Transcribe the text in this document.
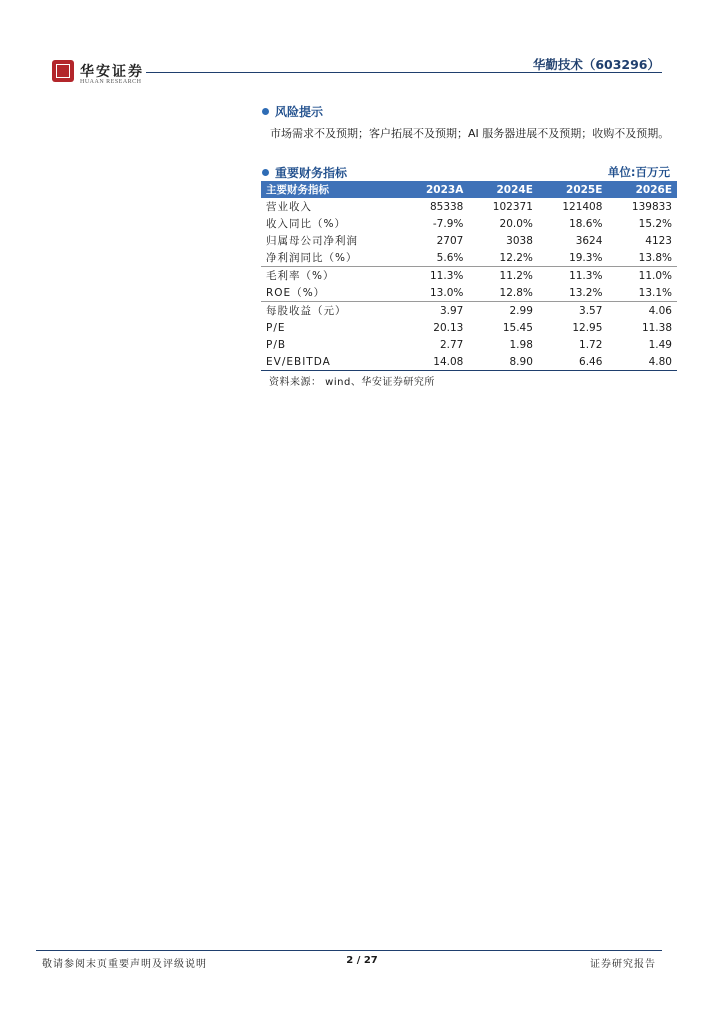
华安证券
HUAAN RESEARCH
华勤技术（603296）
风险提示
市场需求不及预期；客户拓展不及预期；AI 服务器进展不及预期；收购不及预期。
重要财务指标	单位:百万元
主要财务指标	2023A	2024E	2025E	2026E
营业收入	85338	102371	121408	139833
收入同比（%）	-7.9%	20.0%	18.6%	15.2%
归属母公司净利润	2707	3038	3624	4123
净利润同比（%）	5.6%	12.2%	19.3%	13.8%
毛利率（%）	11.3%	11.2%	11.3%	11.0%
ROE（%）	13.0%	12.8%	13.2%	13.1%
每股收益（元）	3.97	2.99	3.57	4.06
P/E	20.13	15.45	12.95	11.38
P/B	2.77	1.98	1.72	1.49
EV/EBITDA	14.08	8.90	6.46	4.80
资料来源： wind、华安证券研究所
敬请参阅末页重要声明及评级说明	2 / 27	证券研究报告
